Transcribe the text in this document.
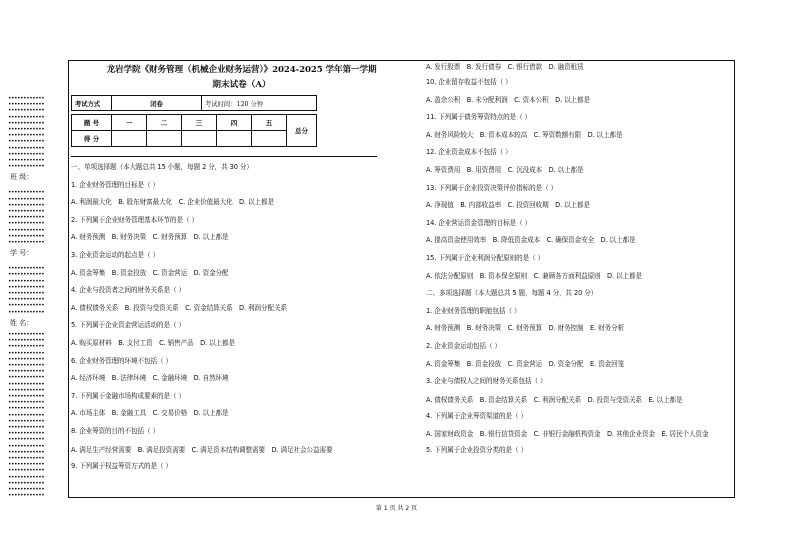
••••••••••••
••••••••••••
••••••••••••
••••••••••••
••••••••••••
••••••••••••
••••••••••••
••••••••••••
••••••••••••
••••••••••••
••••••••••••
••••••••••••
班 级：
••••••••••••
••••••••••••
••••••••••••
••••••••••••
••••••••••••
••••••••••••
••••••••••••
••••••••••••
••••••••••••
学 号：
••••••••••••
••••••••••••
••••••••••••
••••••••••••
••••••••••••
••••••••••••
••••••••••••
••••••••••••
姓 名：
••••••••••••
••••••••••••
••••••••••••
••••••••••••
••••••••••••
••••••••••••
••••••••••••
••••••••••••
••••••••••••
••••••••••••
••••••••••••
••••••••••••
••••••••••••
••••••••••••
••••••••••••
••••••••••••
••••••••••••
••••••••••••
••••••••••••
••••••••••••
••••••••••••
••••••••••••
••••••••••••
••••••••••••
••••••••••••
••••••••••••
••••••••••••
龙岩学院《财务管理（机械企业财务运营）》2024-2025 学年第一学期
期末试卷（A）
考试方式	闭卷	考试时间：120 分钟
题 号	一	二	三	四	五	总分
得 分						
一、单项选择题（本大题总共 15 小题，每题 2 分，共 30 分）
1. 企业财务管理的目标是（ ）
A. 利润最大化　B. 股东财富最大化　C. 企业价值最大化　D. 以上都是
2. 下列属于企业财务管理基本环节的是（ ）
A. 财务预测　B. 财务决策　C. 财务预算　D. 以上都是
3. 企业资金运动的起点是（ ）
A. 资金筹集　B. 资金投放　C. 资金营运　D. 资金分配
4. 企业与投资者之间的财务关系是（ ）
A. 债权债务关系　B. 投资与受资关系　C. 资金结算关系　D. 利润分配关系
5. 下列属于企业资金营运活动的是（ ）
A. 购买原材料　B. 支付工资　C. 销售产品　D. 以上都是
6. 企业财务管理的环境不包括（ ）
A. 经济环境　B. 法律环境　C. 金融环境　D. 自然环境
7. 下列属于金融市场构成要素的是（ ）
A. 市场主体　B. 金融工具　C. 交易价格　D. 以上都是
8. 企业筹资的目的不包括（ ）
A. 满足生产经营需要　B. 满足投资需要　C. 满足资本结构调整需要　D. 满足社会公益需要
9. 下列属于权益筹资方式的是（ ）
A. 发行股票　B. 发行债券　C. 银行借款　D. 融资租赁
10. 企业留存收益不包括（ ）
A. 盈余公积　B. 未分配利润　C. 资本公积　D. 以上都是
11. 下列属于债务筹资特点的是（ ）
A. 财务风险较大　B. 资本成本较高　C. 筹资数额有限　D. 以上都是
12. 企业资金成本不包括（ ）
A. 筹资费用　B. 用资费用　C. 沉没成本　D. 以上都是
13. 下列属于企业投资决策评价指标的是（ ）
A. 净现值　B. 内部收益率　C. 投资回收期　D. 以上都是
14. 企业营运资金管理的目标是（ ）
A. 提高资金使用效率　B. 降低资金成本　C. 确保资金安全　D. 以上都是
15. 下列属于企业利润分配原则的是（ ）
A. 依法分配原则　B. 资本保全原则　C. 兼顾各方面利益原则　D. 以上都是
二、多项选择题（本大题总共 5 题，每题 4 分，共 20 分）
1. 企业财务管理的职能包括（ ）
A. 财务预测　B. 财务决策　C. 财务预算　D. 财务控制　E. 财务分析
2. 企业资金运动包括（ ）
A. 资金筹集　B. 资金投放　C. 资金营运　D. 资金分配　E. 资金回笼
3. 企业与债权人之间的财务关系包括（ ）
A. 债权债务关系　B. 资金结算关系　C. 利润分配关系　D. 投资与受资关系　E. 以上都是
4. 下列属于企业筹资渠道的是（ ）
A. 国家财政资金　B. 银行信贷资金　C. 非银行金融机构资金　D. 其他企业资金　E. 居民个人资金
5. 下列属于企业投资分类的是（ ）
第 1 页 共 2 页
